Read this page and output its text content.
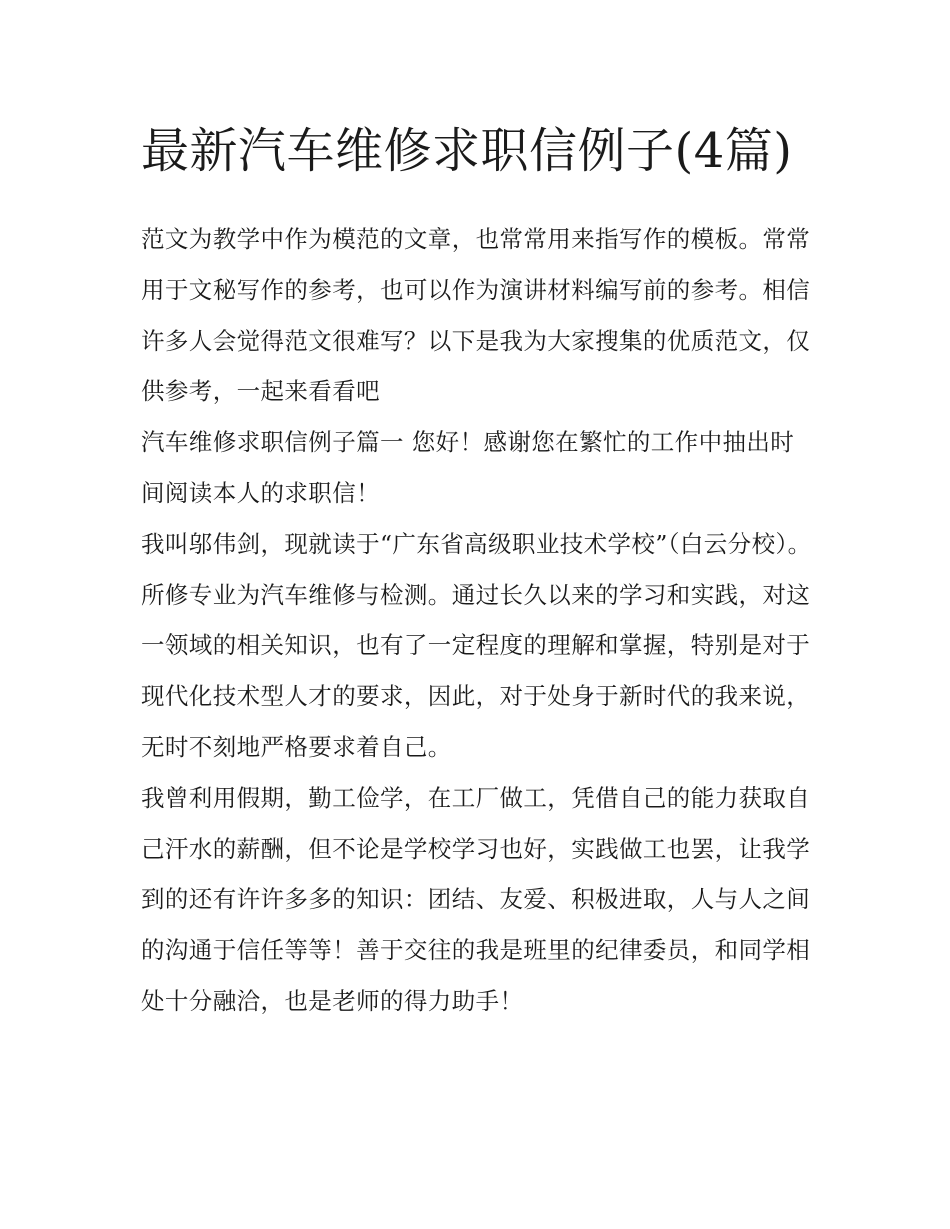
最新汽车维修求职信例子(4篇)

范文为教学中作为模范的文章，也常常用来指写作的模板。常常用于文秘写作的参考，也可以作为演讲材料编写前的参考。相信许多人会觉得范文很难写？以下是我为大家搜集的优质范文，仅供参考，一起来看看吧

汽车维修求职信例子篇一 您好！感谢您在繁忙的工作中抽出时间阅读本人的求职信！

我叫邬伟剑，现就读于“广东省高级职业技术学校”（白云分校）。所修专业为汽车维修与检测。通过长久以来的学习和实践，对这一领域的相关知识，也有了一定程度的理解和掌握，特别是对于现代化技术型人才的要求，因此，对于处身于新时代的我来说，无时不刻地严格要求着自己。

我曾利用假期，勤工俭学，在工厂做工，凭借自己的能力获取自己汗水的薪酬，但不论是学校学习也好，实践做工也罢，让我学到的还有许许多多的知识：团结、友爱、积极进取，人与人之间的沟通于信任等等！善于交往的我是班里的纪律委员，和同学相处十分融洽，也是老师的得力助手！
